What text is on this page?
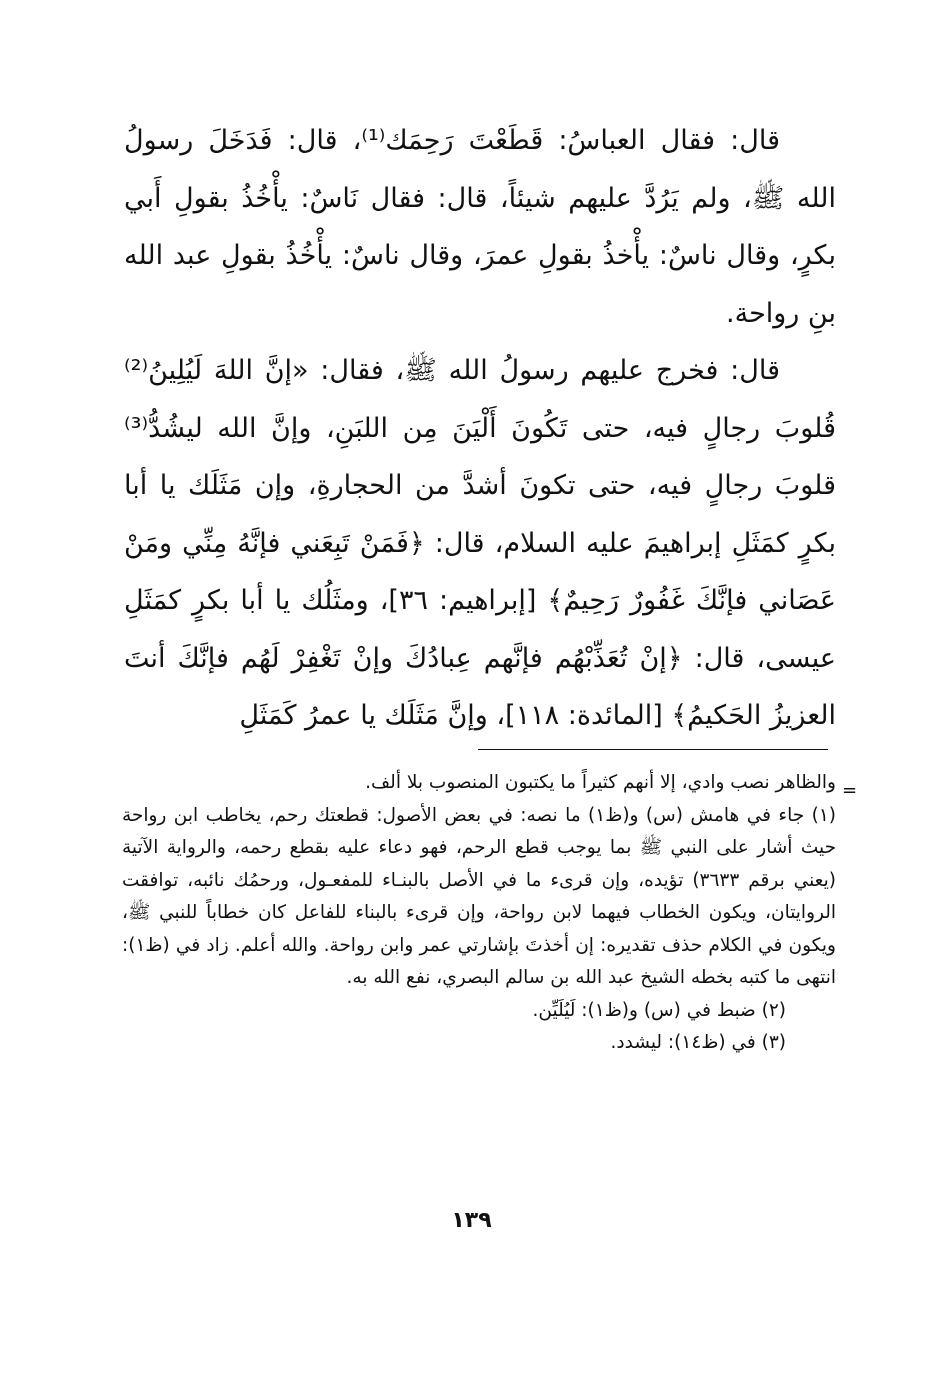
قال: فقال العباسُ: قَطَعْتَ رَحِمَك⁽¹⁾، قال: فَدَخَلَ رسولُ الله ﷺ، ولم يَرُدَّ عليهم شيئاً، قال: فقال نَاسٌ: يأْخُذُ بقولِ أَبي بكرٍ، وقال ناسٌ: يأْخذُ بقولِ عمرَ، وقال ناسٌ: يأْخُذُ بقولِ عبد الله بنِ رواحة.

قال: فخرج عليهم رسولُ الله ﷺ، فقال: «إنَّ اللهَ لَيُلِينُ⁽²⁾ قُلوبَ رجالٍ فيه، حتى تَكُونَ أَلْيَنَ مِن اللبَنِ، وإنَّ الله ليشُدُّ⁽³⁾ قلوبَ رجالٍ فيه، حتى تكونَ أشدَّ من الحجارةِ، وإن مَثَلَك يا أبا بكرٍ كمَثَلِ إبراهيمَ عليه السلام، قال: ﴿فَمَنْ تَبِعَني فإنَّهُ مِنِّي ومَنْ عَصَاني فإنَّكَ غَفُورٌ رَحِيمٌ﴾ [إبراهيم: ٣٦]، ومثَلُك يا أبا بكرٍ كمَثَلِ عيسى، قال: ﴿إنْ تُعَذِّبْهُم فإنَّهم عِبادُكَ وإنْ تَغْفِرْ لَهُم فإنَّكَ أنتَ العزيزُ الحَكيمُ﴾ [المائدة: ١١٨]، وإنَّ مَثَلَك يا عمرُ كَمَثَلِ

=

والظاهر نصب وادي، إلا أنهم كثيراً ما يكتبون المنصوب بلا ألف.

(١) جاء في هامش (س) و(ظ١) ما نصه: في بعض الأصول: قطعتك رحم، يخاطب ابن رواحة حيث أشار على النبي ﷺ بما يوجب قطع الرحم، فهو دعاء عليه بقطع رحمه، والرواية الآتية (يعني برقم ٣٦٣٣) تؤيده، وإن قرىء ما في الأصل بالبنـاء للمفعـول، ورحمُك نائبه، توافقت الروايتان، ويكون الخطاب فيهما لابن رواحة، وإن قرىء بالبناء للفاعل كان خطاباً للنبي ﷺ، ويكون في الكلام حذف تقديره: إن أخذتَ بإشارتي عمر وابن رواحة. والله أعلم. زاد في (ظ١): انتهى ما كتبه بخطه الشيخ عبد الله بن سالم البصري، نفع الله به.

(٢) ضبط في (س) و(ظ١): لَيُلَيِّن.

(٣) في (ظ١٤): ليشدد.

١٣٩
